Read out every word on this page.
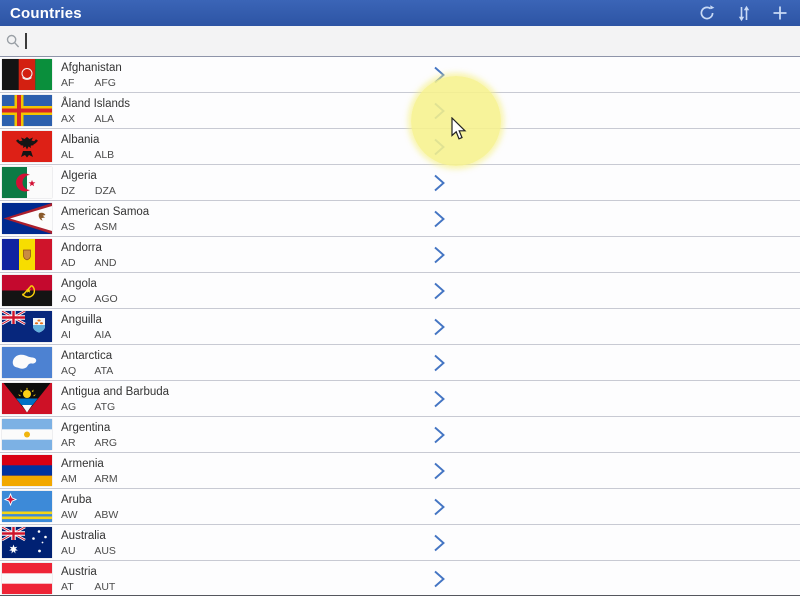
Countries
Afghanistan
AF AFG
Åland Islands
AX ALA
Albania
AL ALB
Algeria
DZ DZA
American Samoa
AS ASM
Andorra
AD AND
Angola
AO AGO
Anguilla
AI AIA
Antarctica
AQ ATA
Antigua and Barbuda
AG ATG
Argentina
AR ARG
Armenia
AM ARM
Aruba
AW ABW
Australia
AU AUS
Austria
AT AUT
